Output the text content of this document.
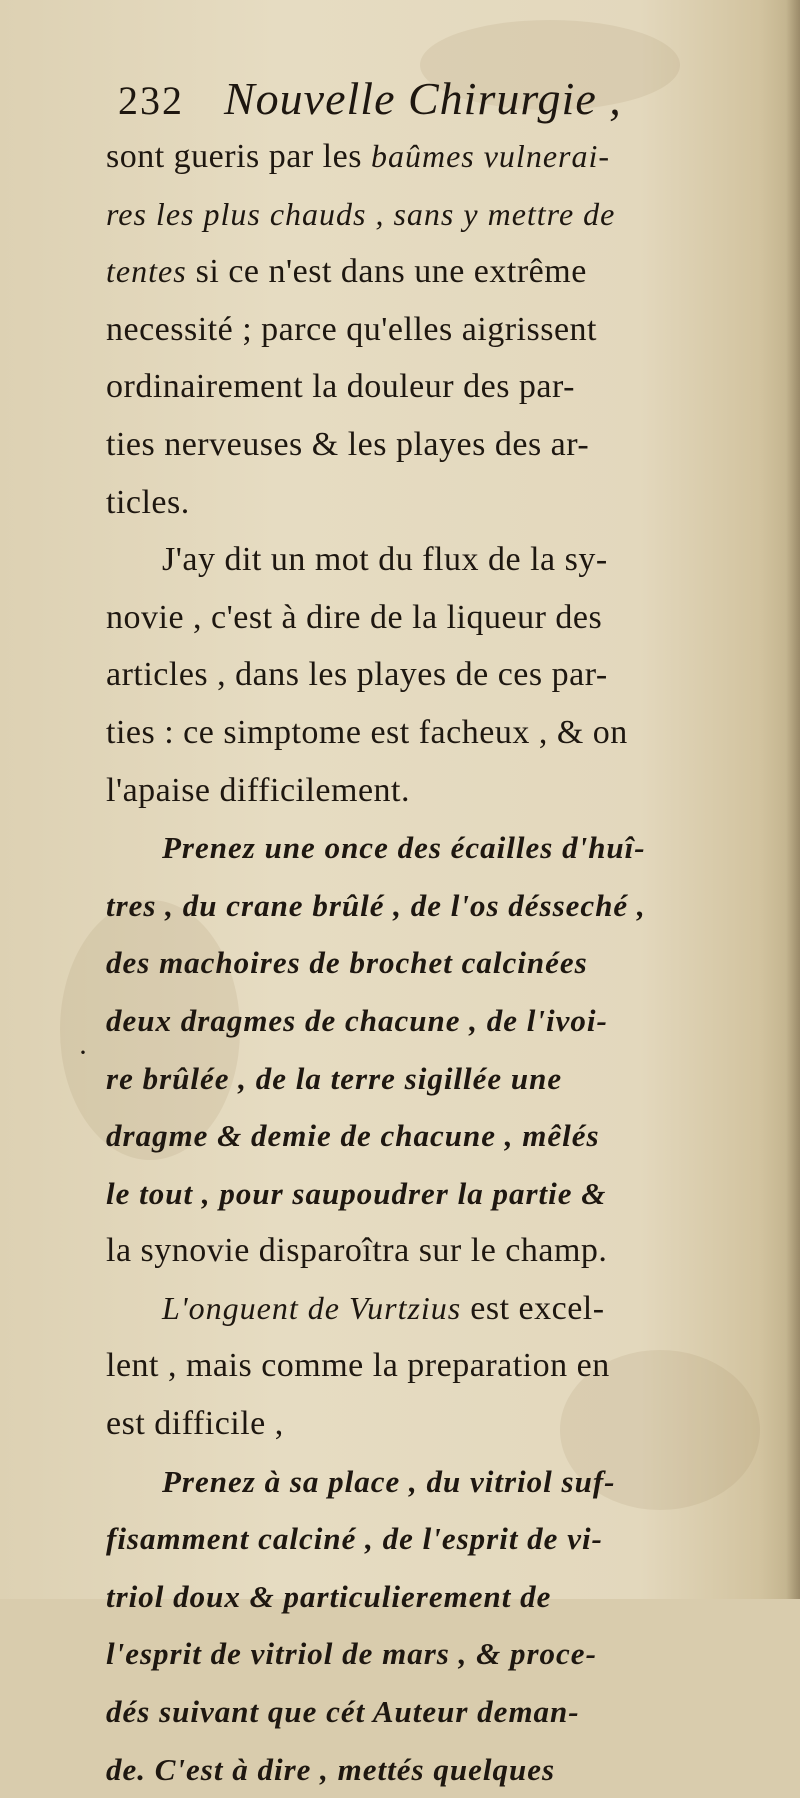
232 Nouvelle Chirurgie ,
·
sont gueris par les baûmes vulnerai-
res les plus chauds , sans y mettre de
tentes si ce n'est dans une extrême
necessité ; parce qu'elles aigrissent
ordinairement la douleur des par-
ties nerveuses & les playes des ar-
ticles.
J'ay dit un mot du flux de la sy-
novie , c'est à dire de la liqueur des
articles , dans les playes de ces par-
ties : ce simptome est facheux , & on
l'apaise difficilement.
Prenez une once des écailles d'huî-
tres , du crane brûlé , de l'os désseché ,
des machoires de brochet calcinées
deux dragmes de chacune , de l'ivoi-
re brûlée , de la terre sigillée une
dragme & demie de chacune , mêlés
le tout , pour saupoudrer la partie &
la synovie disparoîtra sur le champ.
L'onguent de Vurtzius est excel-
lent , mais comme la preparation en
est difficile ,
Prenez à sa place , du vitriol suf-
fisamment calciné , de l'esprit de vi-
triol doux & particulierement de
l'esprit de vitriol de mars , & proce-
dés suivant que cét Auteur deman-
de. C'est à dire , mettés quelques
